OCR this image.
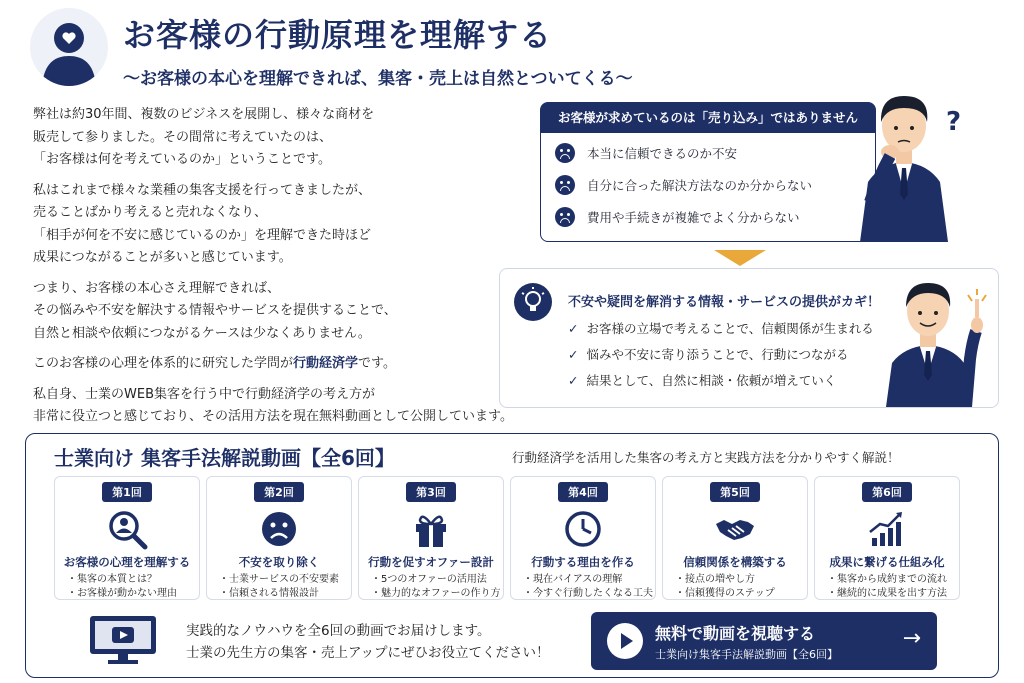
お客様の行動原理を理解する
〜お客様の本心を理解できれば、集客・売上は自然とついてくる〜

弊社は約30年間、複数のビジネスを展開し、様々な商材を
販売して参りました。その間常に考えていたのは、
「お客様は何を考えているのか」ということです。

私はこれまで様々な業種の集客支援を行ってきましたが、
売ることばかり考えると売れなくなり、
「相手が何を不安に感じているのか」を理解できた時ほど
成果につながることが多いと感じています。

つまり、お客様の本心さえ理解できれば、
その悩みや不安を解決する情報やサービスを提供することで、
自然と相談や依頼につながるケースは少なくありません。

このお客様の心理を体系的に研究した学問が行動経済学です。

私自身、士業のWEB集客を行う中で行動経済学の考え方が
非常に役立つと感じており、その活用方法を現在無料動画として公開しています。

お客様が求めているのは「売り込み」ではありません
本当に信頼できるのか不安
自分に合った解決方法なのか分からない
費用や手続きが複雑でよく分からない
?
不安や疑問を解消する情報・サービスの提供がカギ！
✓ お客様の立場で考えることで、信頼関係が生まれる
✓ 悩みや不安に寄り添うことで、行動につながる
✓ 結果として、自然に相談・依頼が増えていく
士業向け 集客手法解説動画【全6回】	行動経済学を活用した集客の考え方と実践方法を分かりやすく解説！
第1回
お客様の心理を理解する
・集客の本質とは？
・お客様が動かない理由
第2回
不安を取り除く
・士業サービスの不安要素
・信頼される情報設計
第3回
行動を促すオファー設計
・5つのオファーの活用法
・魅力的なオファーの作り方
第4回
行動する理由を作る
・現在バイアスの理解
・今すぐ行動したくなる工夫
第5回
信頼関係を構築する
・接点の増やし方
・信頼獲得のステップ
第6回
成果に繋げる仕組み化
・集客から成約までの流れ
・継続的に成果を出す方法
実践的なノウハウを全6回の動画でお届けします。
士業の先生方の集客・売上アップにぜひお役立てください！
無料で動画を視聴する
士業向け集客手法解説動画【全6回】
→
